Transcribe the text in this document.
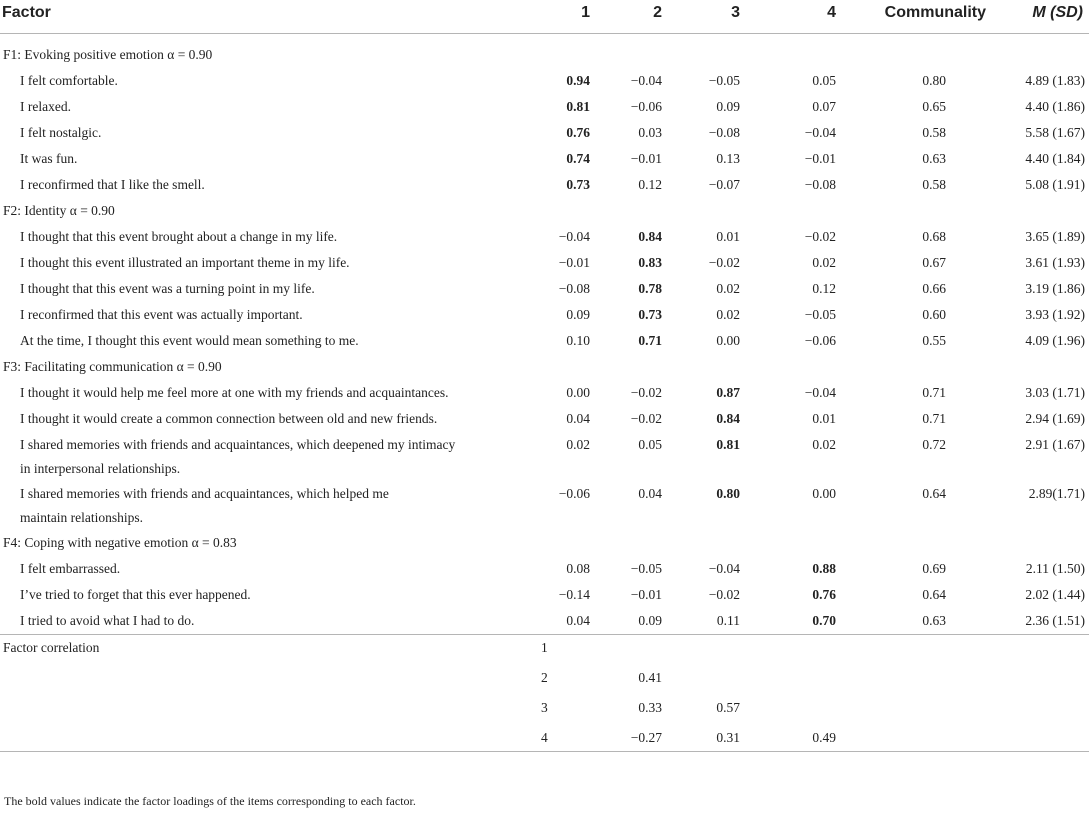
Factor	1	2	3	4	Communality	M (SD)

F1: Evoking positive emotion α = 0.90						
I felt comfortable.	0.94	−0.04	−0.05	0.05	0.80	4.89 (1.83)
I relaxed.	0.81	−0.06	0.09	0.07	0.65	4.40 (1.86)
I felt nostalgic.	0.76	0.03	−0.08	−0.04	0.58	5.58 (1.67)
It was fun.	0.74	−0.01	0.13	−0.01	0.63	4.40 (1.84)
I reconfirmed that I like the smell.	0.73	0.12	−0.07	−0.08	0.58	5.08 (1.91)
F2: Identity α = 0.90						
I thought that this event brought about a change in my life.	−0.04	0.84	0.01	−0.02	0.68	3.65 (1.89)
I thought this event illustrated an important theme in my life.	−0.01	0.83	−0.02	0.02	0.67	3.61 (1.93)
I thought that this event was a turning point in my life.	−0.08	0.78	0.02	0.12	0.66	3.19 (1.86)
I reconfirmed that this event was actually important.	0.09	0.73	0.02	−0.05	0.60	3.93 (1.92)
At the time, I thought this event would mean something to me.	0.10	0.71	0.00	−0.06	0.55	4.09 (1.96)
F3: Facilitating communication α = 0.90						
I thought it would help me feel more at one with my friends and acquaintances.	0.00	−0.02	0.87	−0.04	0.71	3.03 (1.71)
I thought it would create a common connection between old and new friends.	0.04	−0.02	0.84	0.01	0.71	2.94 (1.69)
I shared memories with friends and acquaintances, which deepened my intimacy
in interpersonal relationships.	0.02	0.05	0.81	0.02	0.72	2.91 (1.67)
I shared memories with friends and acquaintances, which helped me
maintain relationships.	−0.06	0.04	0.80	0.00	0.64	2.89(1.71)
F4: Coping with negative emotion α = 0.83						
I felt embarrassed.	0.08	−0.05	−0.04	0.88	0.69	2.11 (1.50)
I’ve tried to forget that this ever happened.	−0.14	−0.01	−0.02	0.76	0.64	2.02 (1.44)
I tried to avoid what I had to do.	0.04	0.09	0.11	0.70	0.63	2.36 (1.51)
Factor correlation	1					

	2	0.41				

	3	0.33	0.57			

	4	−0.27	0.31	0.49		
The bold values indicate the factor loadings of the items corresponding to each factor.
